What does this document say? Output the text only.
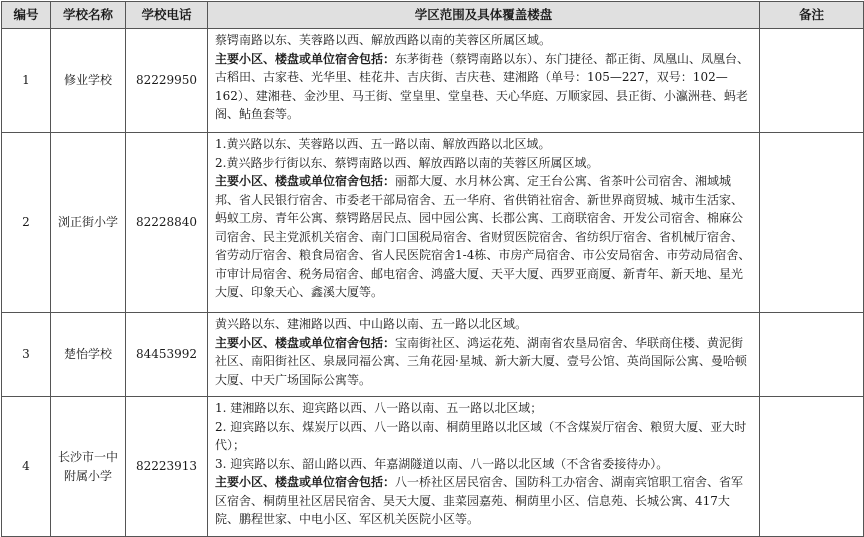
编号	学校名称	学校电话	学区范围及具体覆盖楼盘	备注
1	修业学校	82229950	蔡锷南路以东、芙蓉路以西、解放西路以南的芙蓉区所属区域。
主要小区、楼盘或单位宿舍包括：东茅街巷（蔡锷南路以东）、东门捷径、都正街、凤凰山、凤凰台、古稻田、古家巷、光华里、桂花井、吉庆街、吉庆巷、建湘路（单号：105—227，双号：102—162）、建湘巷、金沙里、马王街、堂皇里、堂皇巷、天心华庭、万顺家园、县正街、小瀛洲巷、蚂老阁、鲇鱼套等。	

2	浏正街小学	82228840	1.黄兴路以东、芙蓉路以西、五一路以南、解放西路以北区域。
2.黄兴路步行街以东、蔡锷南路以西、解放西路以南的芙蓉区所属区域。
主要小区、楼盘或单位宿舍包括：丽都大厦、水月林公寓、定王台公寓、省茶叶公司宿舍、湘域城邦、省人民银行宿舍、市委老干部局宿舍、五一华府、省供销社宿舍、新世界商贸城、城市生活家、蚂蚁工房、青年公寓、蔡锷路居民点、园中园公寓、长郡公寓、工商联宿舍、开发公司宿舍、棉麻公司宿舍、民主党派机关宿舍、南门口国税局宿舍、省财贸医院宿舍、省纺织厅宿舍、省机械厅宿舍、省劳动厅宿舍、粮食局宿舍、省人民医院宿舍1-4栋、市房产局宿舍、市公安局宿舍、市劳动局宿舍、市审计局宿舍、税务局宿舍、邮电宿舍、鸿盛大厦、天平大厦、西罗亚商厦、新青年、新天地、星光大厦、印象天心、鑫溪大厦等。	

3	楚怡学校	84453992	黄兴路以东、建湘路以西、中山路以南、五一路以北区域。
主要小区、楼盘或单位宿舍包括：宝南街社区、鸿运花苑、湖南省农垦局宿舍、华联商住楼、黄泥街社区、南阳街社区、泉晟同福公寓、三角花园·星城、新大新大厦、壹号公馆、英尚国际公寓、曼哈顿大厦、中天广场国际公寓等。	

4	长沙市一中附属小学	82223913	1. 建湘路以东、迎宾路以西、八一路以南、五一路以北区域；
2. 迎宾路以东、煤炭厅以西、八一路以南、桐荫里路以北区域（不含煤炭厅宿舍、粮贸大厦、亚大时代）；
3. 迎宾路以东、韶山路以西、年嘉湖隧道以南、八一路以北区域（不含省委接待办）。
主要小区、楼盘或单位宿舍包括：八一桥社区居民宿舍、国防科工办宿舍、湖南宾馆职工宿舍、省军区宿舍、桐荫里社区居民宿舍、昊天大厦、韭菜园嘉苑、桐荫里小区、信息苑、长城公寓、417大院、鹏程世家、中电小区、军区机关医院小区等。	
